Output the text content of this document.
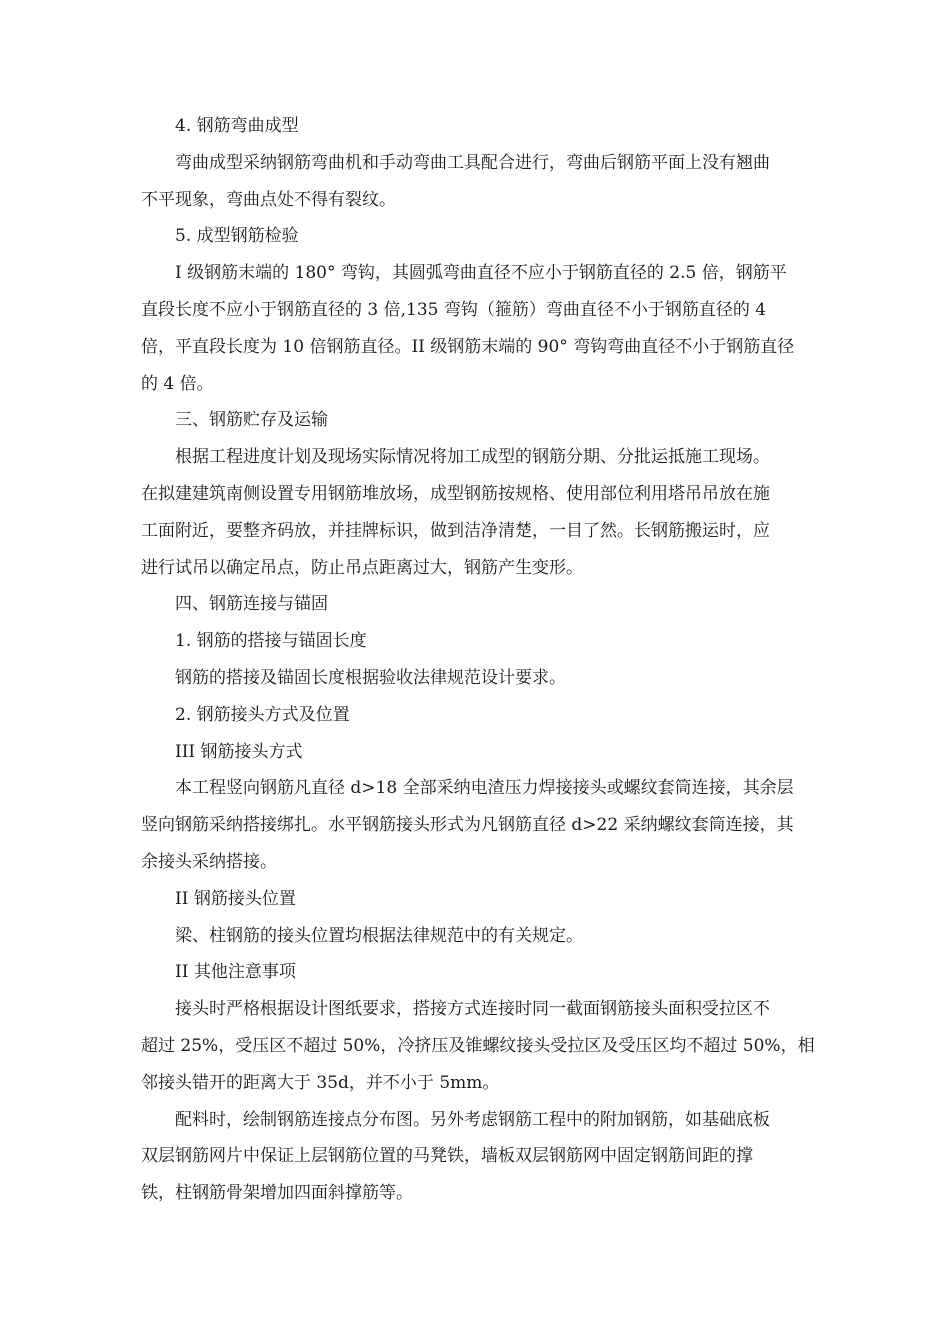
4. 钢筋弯曲成型
弯曲成型采纳钢筋弯曲机和手动弯曲工具配合进行，弯曲后钢筋平面上没有翘曲
不平现象，弯曲点处不得有裂纹。
5. 成型钢筋检验
I 级钢筋末端的 180° 弯钩，其圆弧弯曲直径不应小于钢筋直径的 2.5 倍，钢筋平
直段长度不应小于钢筋直径的 3 倍,135 弯钩（箍筋）弯曲直径不小于钢筋直径的 4
倍，平直段长度为 10 倍钢筋直径。II 级钢筋末端的 90° 弯钩弯曲直径不小于钢筋直径
的 4 倍。
三、钢筋贮存及运输
根据工程进度计划及现场实际情况将加工成型的钢筋分期、分批运抵施工现场。
在拟建建筑南侧设置专用钢筋堆放场，成型钢筋按规格、使用部位利用塔吊吊放在施
工面附近，要整齐码放，并挂牌标识，做到洁净清楚，一目了然。长钢筋搬运时，应
进行试吊以确定吊点，防止吊点距离过大，钢筋产生变形。
四、钢筋连接与锚固
1. 钢筋的搭接与锚固长度
钢筋的搭接及锚固长度根据验收法律规范设计要求。
2. 钢筋接头方式及位置
III 钢筋接头方式
本工程竖向钢筋凡直径 d>18 全部采纳电渣压力焊接接头或螺纹套筒连接，其余层
竖向钢筋采纳搭接绑扎。水平钢筋接头形式为凡钢筋直径 d>22 采纳螺纹套筒连接，其
余接头采纳搭接。
II 钢筋接头位置
梁、柱钢筋的接头位置均根据法律规范中的有关规定。
II 其他注意事项
接头时严格根据设计图纸要求，搭接方式连接时同一截面钢筋接头面积受拉区不
超过 25%，受压区不超过 50%，冷挤压及锥螺纹接头受拉区及受压区均不超过 50%，相
邻接头错开的距离大于 35d，并不小于 5mm。
配料时，绘制钢筋连接点分布图。另外考虑钢筋工程中的附加钢筋，如基础底板
双层钢筋网片中保证上层钢筋位置的马凳铁，墙板双层钢筋网中固定钢筋间距的撑
铁，柱钢筋骨架增加四面斜撑筋等。
